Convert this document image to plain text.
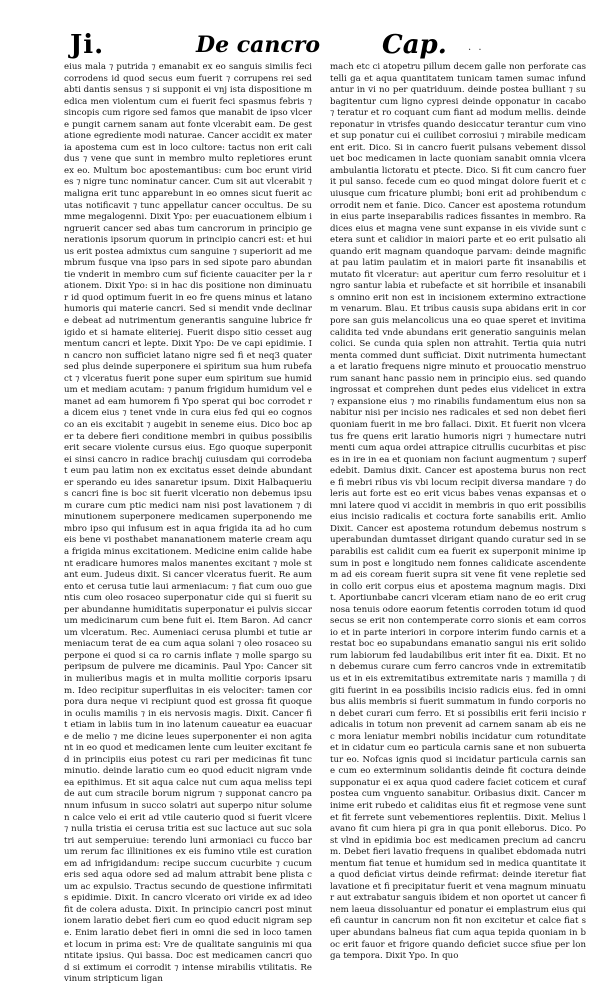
Ji.	De cancro Cap. . .
eius mala ⁊ putrida ⁊ emanabit ex eo sanguis similis feci corrodens id quod secus eum fuerit ⁊ corrupens rei sed abti dantis sensus ⁊ si supponit ei vnj ista dispositione medica men violentum cum ei fuerit feci spasmus febris ⁊ sincopis cum rigore sed famos que manabit de ipso vlcere pungit carnem sanam aut fonte vlcerabit eam. De gestatione egrediente modi naturae. Cancer accidit ex materia apostema cum est in loco cultore: tactus non erit calidus ⁊ vene que sunt in membro multo repletiores erunt ex eo. Multum boc apostemantibus: cum boc erunt virides ⁊ nigre tunc nominatur cancer. Cum sit aut vlcerabit ⁊ maligna erit tunc apparebunt in eo omnes sicut fuerit acutas notificavit ⁊ tunc appellatur cancer occultus. De summe megalogenni. Dixit Ypo: per euacuationem elbium ingruerit cancer sed abas tum cancrorum in principio generationis ipsorum quorum in principio cancri est: et huius erit postea admixtus cum sanguine ⁊ superiorit ad membrum fusque vna ipso pars in sed sipote paro abundantie vnderit in membro cum suf ficiente cauaciter per la rationem. Dixit Ypo: si in hac dis positione non diminuatur id quod optimum fuerit in eo fre quens minus et latano humoris qui materie cancri. Sed si mendit vnde declinare debeat ad nutrimentum generantis sanguine lubrice frigido et si hamate eliteriej. Fuerit dispo sitio cesset augmentum cancri et lepte. Dixit Ypo: De ve capi epidimie. In cancro non sufficiet latano nigre sed fi et neq3 quater sed plus deinde superponere ei spiritum sua hum rubefact ⁊ vlceratus fuerit pone super eum spiritum sue humidum et mediam acutam: ⁊ panum frigidum humidum vel emanet ad eam humorem fi Ypo sperat qui boc corrodet ra dicem eius ⁊ tenet vnde in cura eius fed qui eo cognosco an eis excitabit ⁊ augebit in seneme eius. Dico boc aper ta debere fieri conditione membri in quibus possibilis erit secare violente cursus eius. Ego quoque superponit ei sinsi cancro in radice brachij cuiusdam qui corrodebat eum pau latim non ex excitatus esset deinde abundanter sperando eu ides sanaretur ipsum. Dixit Halbaquerius cancri fine is boc sit fuerit vlceratio non debemus ipsum curare cum ptic medici nam nisi post lavationem ⁊ diminutionem superponere medicamen superponendo membro ipso qui infusum est in aqua frigida ita ad ho cum eis bene vi posthabet mananationem materie cream aqua frigida minus excitationem. Medicine enim calide habent eradicare humores malos manentes excitant ⁊ mole stant eum. Judeus dixit. Si cancer vlceratus fuerit. Re aumento et cerusa tutie laui armeniacum: ⁊ fiat cum ouo guentis cum oleo rosaceo superponatur cide qui si fuerit super abundanne humiditatis superponatur ei pulvis siccarum medicinarum cum bene fuit ei. Item Baron. Ad cancrum vlceratum. Rec. Aumeniaci cerusa plumbi et tutie armeniacum terat de ea cum aqua solani ⁊ oleo rosaceo superpone ei quod si ca ro carnis inflate ⁊ molle spargo superipsum de pulvere me dicaminis. Paul Ypo: Cancer sit in mulieribus magis et in multa mollitie corporis ipsarum. Ideo recipitur superfluitas in eis velociter: tamen corpora dura neque vi recipiunt quod est grossa fit quoque in oculis mamilis ⁊ in eis nervosis magis. Dixit. Cancer fit etiam in labiis tum in ino latenum caueatur ea euacuare de melio ⁊ me dicine leues superponenter ei non agitant in eo quod et medicamen lente cum leuiter excitant fed in principiis eius potest cu rari per medicinas fit tunc minutio. deinde laratio cum eo quod educit nigram vnde ea epithimus. Et sit aqua calce nut cum aqua meliss tepide aut cum stracile borum nigrum ⁊ supponat cancro pannum infusum in succo solatri aut superpo nitur solumen calce velo ei erit ad vtile cauterio quod si fuerit vlcere ⁊ nulla tristia ei cerusa tritia est suc lactuce aut suc solatri aut semperuiue: terendo luni armoniaci cu fucco barum rerum fac illinitiones ex eis fumino vtile est curationem ad infrigidandum: recipe succum cucurbite ⁊ cucumeris sed aqua odore sed ad malum attrabit bene plista cum ac expulsio. Tractus secundo de questione infirmitatis epidimie. Dixit. In cancro vlcerato ori viride ex ad ideo fit de colera adusta. Dixit. In principio cancri post minutionem laratio debet fieri cum eo quod educit nigram sepe. Enim laratio debet fieri in omni die sed in loco tamen et locum in prima est: Vre de qualitate sanguinis mi quantitate ipsius. Qui bassa. Doc est medicamen cancri quod si extimum ei corrodit ⁊ intense mirabilis vtilitatis. Re vinum stripticum ligan
mach etc ci atopetru pillum decem galle non perforate castelli ga et aqua quantitatem tunicam tamen sumac infundantur in vi no per quatriduum. deinde postea bulliant ⁊ subagitentur cum ligno cypresi deinde opponatur in cacabo ⁊ teratur et ro coquant cum fiant ad modum mellis. deinde reponatur in vtrisfes quando desiccatur terantur cum vino et sup ponatur cui ei cuilibet corrosiui ⁊ mirabile medicament erit. Dico. Si in cancro fuerit pulsans vebement dissoluet boc medicamen in lacte quoniam sanabit omnia vlcera ambulantia lictoratu et ptecte. Dico. Si fit cum cancro fuerit pul sanso. fecede cum eo quod mingat dolore fuerit et cuiusque cum fricature plumbi; boni erit ad prohibendum corrodit nem et fanie. Dico. Cancer est apostema rotundum in eius parte inseparabilis radices fissantes in membro. Radices eius et magna vene sunt expanse in eis vivide sunt cetera sunt et calidior in maiori parte et eo erit pulsatio aliquando erit magnam quandoque parvam: deinde magnificat pau latim paulatim et in maiori parte fit insanabilis et mutato fit vlceratur: aut aperitur cum ferro resoluitur et ingro santur labia et rubefacte et sit horribile et insanabilis omnino erit non est in incisionem extermino extractionem venarum. Blau. Et tribus causis supa abidans erit in corpore san guis melancolicus una eo quae speret et invitima calidita ted vnde abundans erit generatio sanguinis melancolici. Se cunda quia splen non attrahit. Tertia quia nutrimenta commed dunt sufficiat. Dixit nutrimenta humectanta et laratio frequens nigre minuto et prouocatio menstruorum sanant hanc passio nem in principio eius. sed quando ingrossat et comprehen dunt pedes eius videlicet in extra ⁊ expansione eius ⁊ mo rinabilis fundamentum eius non sanabitur nisi per incisio nes radicales et sed non debet fieri quoniam fuerit in me bro fallaci. Dixit. Et fuerit non vlceratus fre quens erit laratio humoris nigri ⁊ humectare nutrimenti cum aqua ordei attrapice citrullis cucurbitas et pisces in ire in ea et quoniam non faciunt augmentum ⁊ superfedebit. Damius dixit. Cancer est apostema burus non recte fi mebri ribus vis vbi locum recipit diversa mandare ⁊ doleris aut forte est eo erit vicus babes venas expansas et omni latere quod vi accidit in membris in quo erit possibilis eius incisio radicalis et coctura forte sanabilis erit. Amlio Dixit. Cancer est apostema rotundum debemus nostrum superabundan dumtasset dirigant quando curatur sed in separabilis est calidit cum ea fuerit ex superponit minime ipsum in post e longitudo nem fonnes calidicate ascendentem ad eis coream fuerit supra sit vene fit vene repletie sed in collo erit corpus eius et apostema magnum magis. Dixit. Aportiunbabe cancri vlceram etiam nano de eo erit crugnosa tenuis odore eaorum fetentis corroden totum id quod secus se erit non contemperate corro sionis et eam corrosio et in parte interiori in corpore interim fundo carnis et arestat boc eo supabundans emanatio sangui nis erit solidorum labiorum fed laudabilibus erit inter fit ea. Dixit. Et non debemus curare cum ferro cancros vnde in extremitatibus et in eis extremitatibus extremitate naris ⁊ mamilla ⁊ digiti fuerint in ea possibilis incisio radicis eius. fed in omni bus aliis membris si fuerit summatum in fundo corporis non debet curari cum ferro. Et si possibilis erit ferii incisio radicalis in totum non prevenit ad carnem sanam ab eis nec mora leniatur membri nobilis incidatur cum rotunditate et in cidatur cum eo particula carnis sane et non subuertatur eo. Nofcas ignis quod si incidatur particula carnis sane cum eo exterminum solidantis deinde fit coctura deinde supponatur ei ex aqua quod cadere faciet coticem et curaf postea cum vnguento sanabitur. Oribasius dixit. Cancer minime erit rubedo et caliditas eius fit et regmose vene sunt et fit ferrete sunt vebementiores replentiis. Dixit. Melius lavano fit cum hiera pi gra in qua ponit elleborus. Dico. Post vlnd in epidimia boc est medicamen precium ad cancrum. Debet fieri lavatio frequens in qualibet ebdomada nutrimentum fiat tenue et humidum sed in medica quantitate ita quod deficiat virtus deinde refirmat: deinde iteretur fiat lavatione et fi precipitatur fuerit et vena magnum minuatur aut extrabatur sanguis ibidem et non oportet ut cancer finem laeua dissoluantur ed ponatur ei emplastrum eius quiefi cauntur in cancrum non fit non excitetur et calce fiat super abundans balneus fiat cum aqua tepida quoniam in boc erit fauor et frigore quando deficiet succe sfiue per longa tempora. Dixit Ypo. In quo
